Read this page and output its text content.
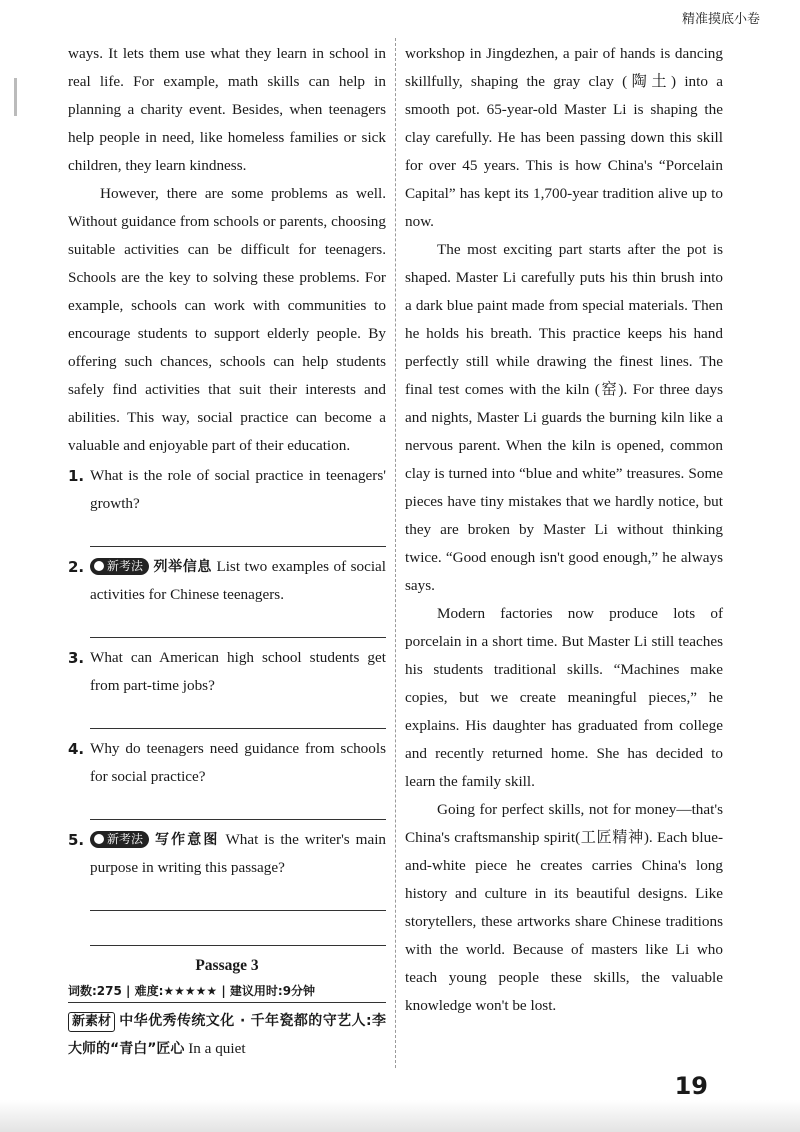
精准摸底小卷

ways. It lets them use what they learn in school in real life. For example, math skills can help in planning a charity event. Besides, when teenagers help people in need, like homeless families or sick children, they learn kindness.

However, there are some problems as well. Without guidance from schools or parents, choosing suitable activities can be difficult for teenagers. Schools are the key to solving these problems. For example, schools can work with communities to encourage students to support elderly people. By offering such chances, schools can help students safely find activities that suit their interests and abilities. This way, social practice can become a valuable and enjoyable part of their education.

1. What is the role of social practice in teenagers' growth?
2.	新考法 列举信息 List two examples of social activities for Chinese teenagers.
3. What can American high school students get from part-time jobs?
4. Why do teenagers need guidance from schools for social practice?
5.	新考法 写作意图 What is the writer's main purpose in writing this passage?
Passage 3
词数:275 | 难度:★★★★★ | 建议用时:9分钟

新素材 中华优秀传统文化 · 千年瓷都的守艺人:李大师的“青白”匠心 In a quiet

workshop in Jingdezhen, a pair of hands is dancing skillfully, shaping the gray clay (陶土) into a smooth pot. 65-year-old Master Li is shaping the clay carefully. He has been passing down this skill for over 45 years. This is how China's “Porcelain Capital” has kept its 1,700-year tradition alive up to now.

The most exciting part starts after the pot is shaped. Master Li carefully puts his thin brush into a dark blue paint made from special materials. Then he holds his breath. This practice keeps his hand perfectly still while drawing the finest lines. The final test comes with the kiln (窑). For three days and nights, Master Li guards the burning kiln like a nervous parent. When the kiln is opened, common clay is turned into “blue and white” treasures. Some pieces have tiny mistakes that we hardly notice, but they are broken by Master Li without thinking twice. “Good enough isn't good enough,” he always says.

Modern factories now produce lots of porcelain in a short time. But Master Li still teaches his students traditional skills. “Machines make copies, but we create meaningful pieces,” he explains. His daughter has graduated from college and recently returned home. She has decided to learn the family skill.

Going for perfect skills, not for money—that's China's craftsmanship spirit(工匠精神). Each blue-and-white piece he creates carries China's long history and culture in its beautiful designs. Like storytellers, these artworks share Chinese traditions with the world. Because of masters like Li who teach young people these skills, the valuable knowledge won't be lost.

19
